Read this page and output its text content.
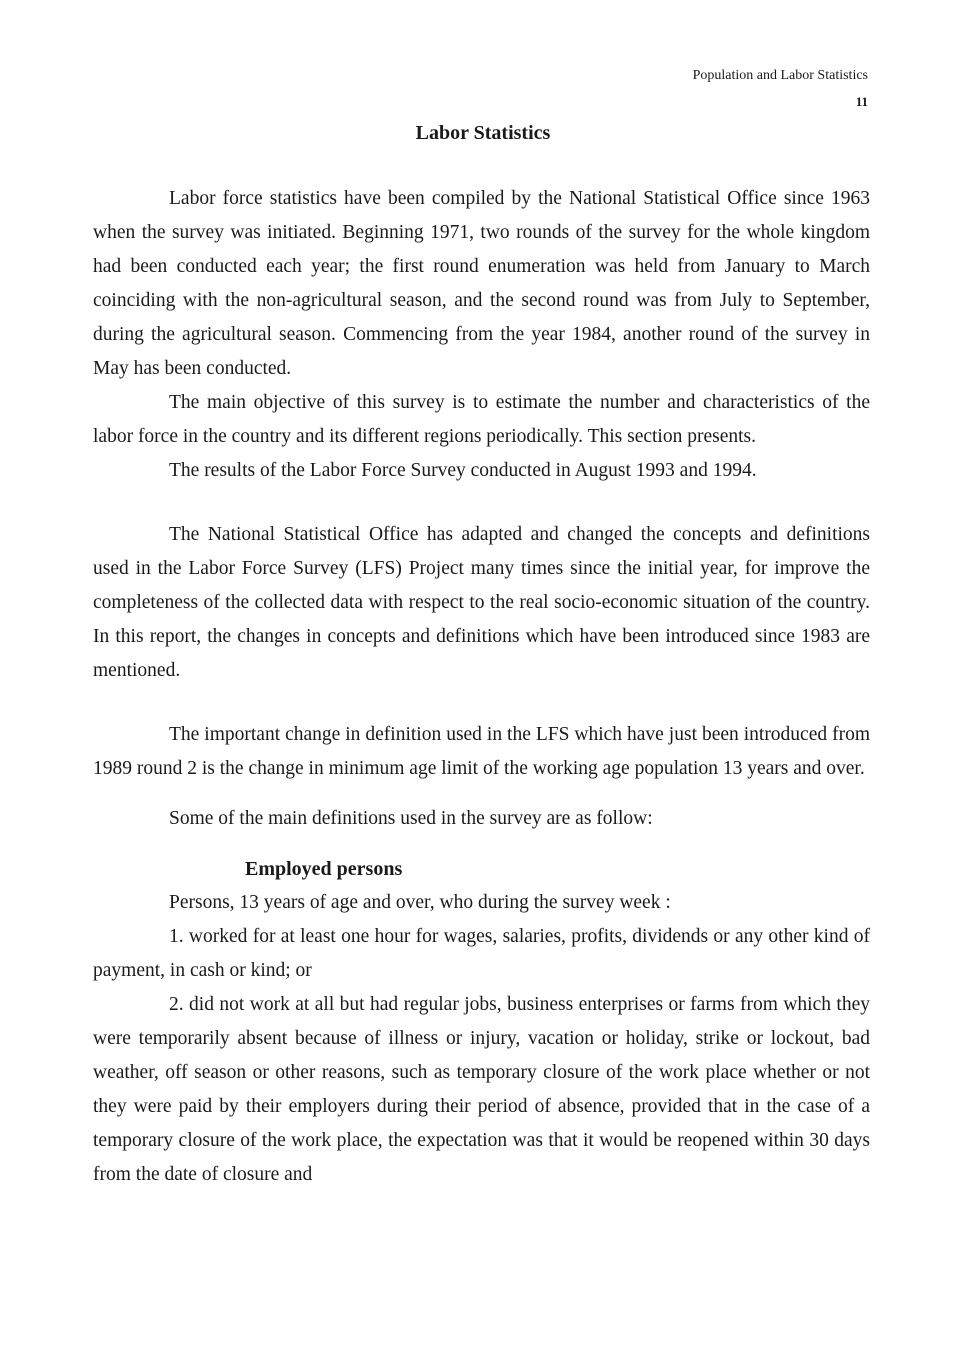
Population and Labor Statistics
11
Labor Statistics

Labor force statistics have been compiled by the National Statistical Office since 1963 when the survey was initiated. Beginning 1971, two rounds of the survey for the whole kingdom had been conducted each year; the first round enumeration was held from January to March coinciding with the non-agricultural season, and the second round was from July to September, during the agricultural season. Commencing from the year 1984, another round of the survey in May has been conducted.

The main objective of this survey is to estimate the number and characteristics of the labor force in the country and its different regions periodically. This section presents.

The results of the Labor Force Survey conducted in August 1993 and 1994.

The National Statistical Office has adapted and changed the concepts and definitions used in the Labor Force Survey (LFS) Project many times since the initial year, for improve the completeness of the collected data with respect to the real socio-economic situation of the country. In this report, the changes in concepts and definitions which have been introduced since 1983 are mentioned.

The important change in definition used in the LFS which have just been introduced from 1989 round 2 is the change in minimum age limit of the working age population 13 years and over.

Some of the main definitions used in the survey are as follow:

Employed persons

Persons, 13 years of age and over, who during the survey week :

1. worked for at least one hour for wages, salaries, profits, dividends or any other kind of payment, in cash or kind; or

2. did not work at all but had regular jobs, business enterprises or farms from which they were temporarily absent because of illness or injury, vacation or holiday, strike or lockout, bad weather, off season or other reasons, such as temporary closure of the work place whether or not they were paid by their employers during their period of absence, provided that in the case of a temporary closure of the work place, the expectation was that it would be reopened within 30 days from the date of closure and
